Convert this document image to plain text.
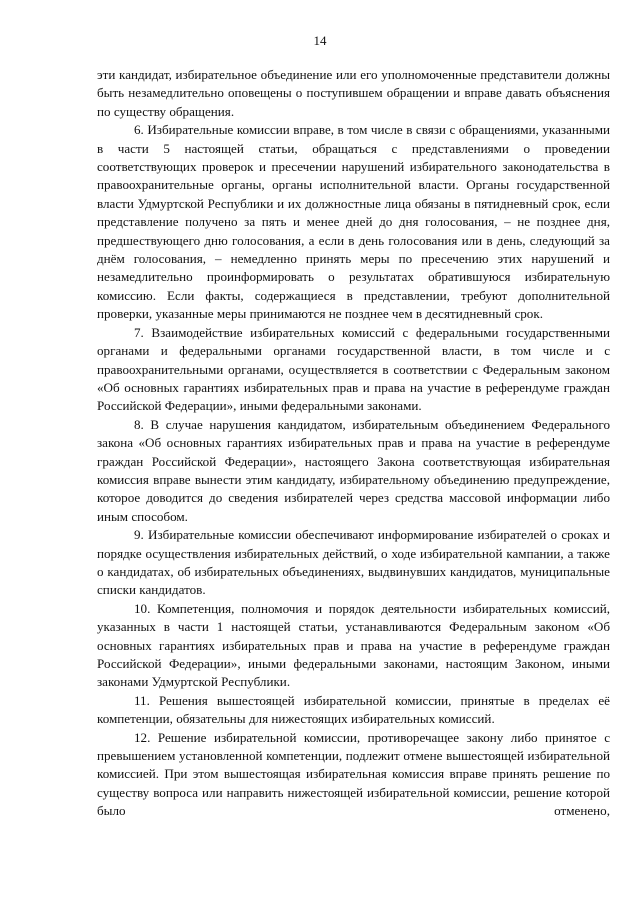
14

эти кандидат, избирательное объединение или его уполномоченные представители должны быть незамедлительно оповещены о поступившем обращении и вправе давать объяснения по существу обращения.

6. Избирательные комиссии вправе, в том числе в связи с обращениями, указанными в части 5 настоящей статьи, обращаться с представлениями о проведении соответствующих проверок и пресечении нарушений избирательного законодательства в правоохранительные органы, органы исполнительной власти. Органы государственной власти Удмуртской Республики и их должностные лица обязаны в пятидневный срок, если представление получено за пять и менее дней до дня голосования, – не позднее дня, предшествующего дню голосования, а если в день голосования или в день, следующий за днём голосования, – немедленно принять меры по пресечению этих нарушений и незамедлительно проинформировать о результатах обратившуюся избирательную комиссию. Если факты, содержащиеся в представлении, требуют дополнительной проверки, указанные меры принимаются не позднее чем в десятидневный срок.

7. Взаимодействие избирательных комиссий с федеральными государственными органами и федеральными органами государственной власти, в том числе и с правоохранительными органами, осуществляется в соответствии с Федеральным законом «Об основных гарантиях избирательных прав и права на участие в референдуме граждан Российской Федерации», иными федеральными законами.

8. В случае нарушения кандидатом, избирательным объединением Федерального закона «Об основных гарантиях избирательных прав и права на участие в референдуме граждан Российской Федерации», настоящего Закона соответствующая избирательная комиссия вправе вынести этим кандидату, избирательному объединению предупреждение, которое доводится до сведения избирателей через средства массовой информации либо иным способом.

9. Избирательные комиссии обеспечивают информирование избирателей о сроках и порядке осуществления избирательных действий, о ходе избирательной кампании, а также о кандидатах, об избирательных объединениях, выдвинувших кандидатов, муниципальные списки кандидатов.

10. Компетенция, полномочия и порядок деятельности избирательных комиссий, указанных в части 1 настоящей статьи, устанавливаются Федеральным законом «Об основных гарантиях избирательных прав и права на участие в референдуме граждан Российской Федерации», иными федеральными законами, настоящим Законом, иными законами Удмуртской Республики.

11. Решения вышестоящей избирательной комиссии, принятые в пределах её компетенции, обязательны для нижестоящих избирательных комиссий.

12. Решение избирательной комиссии, противоречащее закону либо принятое с превышением установленной компетенции, подлежит отмене вышестоящей избирательной комиссией. При этом вышестоящая избирательная комиссия вправе принять решение по существу вопроса или направить нижестоящей избирательной комиссии, решение которой было отменено,
